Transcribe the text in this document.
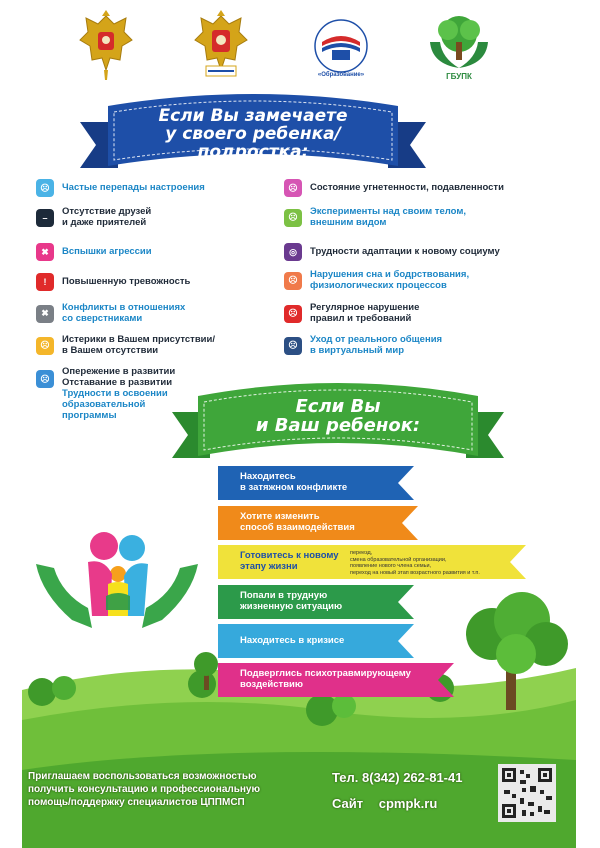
«Образование»	ГБУПК
Если Вы замечаете
у своего ребенка/подростка:
☹	Частые перепады настроения
–
Отсутствие друзей
и даже приятелей
✖	Вспышки агрессии
!	Повышенную тревожность
✖
Конфликты в отношениях
со сверстниками
☹
Истерики в Вашем присутствии/
в Вашем отсутствии
☹
Опережение в развитии
Отставание в развитии
Трудности в освоении
образовательной
программы
☹	Состояние угнетенности, подавленности
☹
Эксперименты над своим телом,
внешним видом
◎	Трудности адаптации к новому социуму
☹
Нарушения сна и бодрствования,
физиологических процессов
☹
Регулярное нарушение
правил и требований
☹
Уход от реального общения
в виртуальный мир
Если Вы
и Ваш ребенок:
Находитесь
в затяжном конфликте
Хотите изменить
способ взаимодействия
Готовитесь к новому
этапу жизни
переезд,
смена образовательной организации,
появление нового члена семьи,
переход на новый этап возрастного развития и т.п.
Попали в трудную
жизненную ситуацию
Находитесь в кризисе
Подверглись психотравмирующему
воздействию
Приглашаем воспользоваться возможностью
получить консультацию и профессиональную
помощь/поддержку специалистов ЦППМСП
Тел. 8(342) 262-81-41
Сайт cpmpk.ru
